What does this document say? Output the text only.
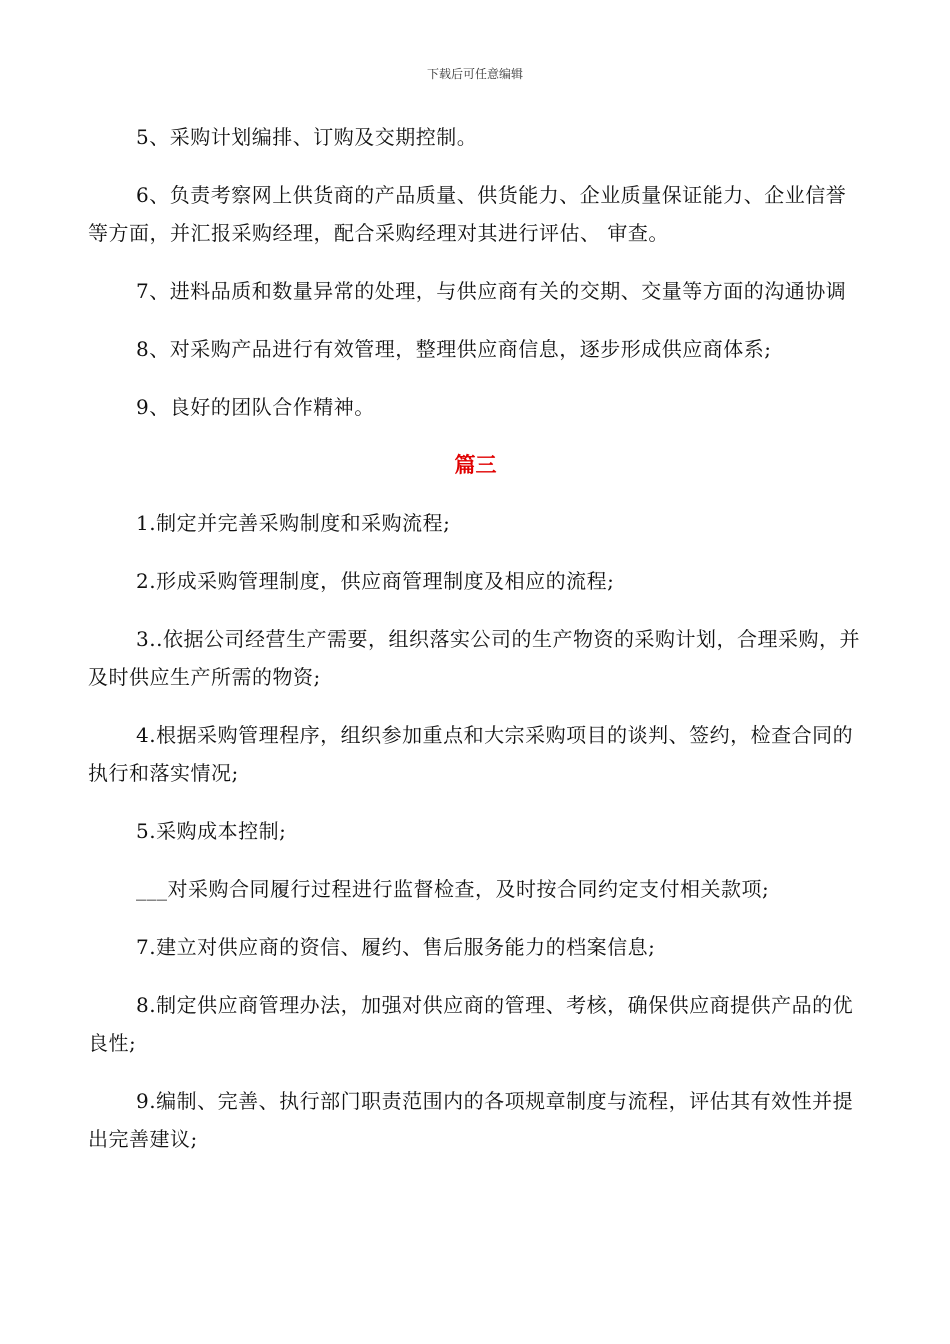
下载后可任意编辑

5、采购计划编排、订购及交期控制。

6、负责考察网上供货商的产品质量、供货能力、企业质量保证能力、企业信誉等方面，并汇报采购经理，配合采购经理对其进行评估、 审查。

7、进料品质和数量异常的处理，与供应商有关的交期、交量等方面的沟通协调

8、对采购产品进行有效管理，整理供应商信息，逐步形成供应商体系;

9、良好的团队合作精神。

篇三

1.制定并完善采购制度和采购流程;

2.形成采购管理制度，供应商管理制度及相应的流程;

3..依据公司经营生产需要，组织落实公司的生产物资的采购计划，合理采购，并及时供应生产所需的物资;

4.根据采购管理程序，组织参加重点和大宗采购项目的谈判、签约，检查合同的执行和落实情况;

5.采购成本控制;

___对采购合同履行过程进行监督检查，及时按合同约定支付相关款项;

7.建立对供应商的资信、履约、售后服务能力的档案信息;

8.制定供应商管理办法，加强对供应商的管理、考核，确保供应商提供产品的优良性;

9.编制、完善、执行部门职责范围内的各项规章制度与流程，评估其有效性并提出完善建议;
